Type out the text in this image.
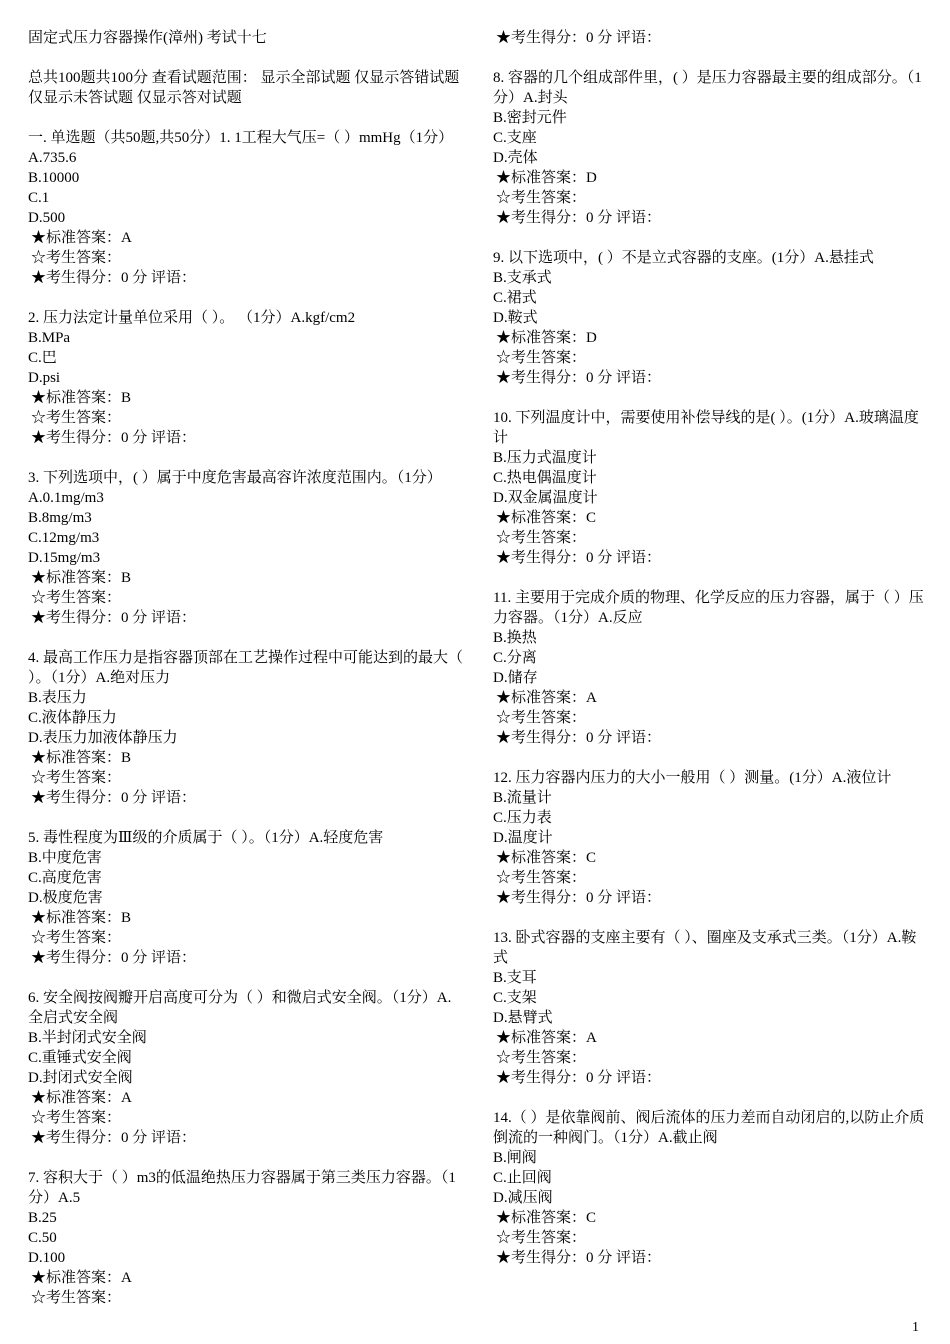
固定式压力容器操作(漳州) 考试十七

总共100题共100分 查看试题范围： 显示全部试题 仅显示答错试题 仅显示未答试题 仅显示答对试题

一. 单选题（共50题,共50分）1. 1工程大气压=（ ）mmHg（1分）A.735.6

B.10000
C.1
D.500
★标准答案：A
☆考生答案：
★考生得分：0 分 评语：
2. 压力法定计量单位采用（ ）。 （1分）A.kgf/cm2
B.MPa
C.巴
D.psi
★标准答案：B
☆考生答案：
★考生得分：0 分 评语：
3. 下列选项中，( ）属于中度危害最高容许浓度范围内。（1分）A.0.1mg/m3
B.8mg/m3
C.12mg/m3
D.15mg/m3
★标准答案：B
☆考生答案：
★考生得分：0 分 评语：
4. 最高工作压力是指容器顶部在工艺操作过程中可能达到的最大（ ）。（1分）A.绝对压力
B.表压力
C.液体静压力
D.表压力加液体静压力
★标准答案：B
☆考生答案：
★考生得分：0 分 评语：
5. 毒性程度为Ⅲ级的介质属于（ ）。（1分）A.轻度危害
B.中度危害
C.高度危害
D.极度危害
★标准答案：B
☆考生答案：
★考生得分：0 分 评语：
6. 安全阀按阀瓣开启高度可分为（ ）和微启式安全阀。（1分）A.全启式安全阀
B.半封闭式安全阀
C.重锤式安全阀
D.封闭式安全阀
★标准答案：A
☆考生答案：
★考生得分：0 分 评语：
7. 容积大于（ ）m3的低温绝热压力容器属于第三类压力容器。（1分）A.5
B.25
C.50
D.100
★标准答案：A
☆考生答案：
★考生得分：0 分 评语：
8. 容器的几个组成部件里，( ）是压力容器最主要的组成部分。（1分）A.封头
B.密封元件
C.支座
D.壳体
★标准答案：D
☆考生答案：
★考生得分：0 分 评语：
9. 以下选项中，( ）不是立式容器的支座。(1分）A.悬挂式
B.支承式
C.裙式
D.鞍式
★标准答案：D
☆考生答案：
★考生得分：0 分 评语：
10. 下列温度计中，需要使用补偿导线的是( ）。(1分）A.玻璃温度计
B.压力式温度计
C.热电偶温度计
D.双金属温度计
★标准答案：C
☆考生答案：
★考生得分：0 分 评语：
11. 主要用于完成介质的物理、化学反应的压力容器，属于（ ）压力容器。（1分）A.反应
B.换热
C.分离
D.储存
★标准答案：A
☆考生答案：
★考生得分：0 分 评语：
12. 压力容器内压力的大小一般用（ ）测量。(1分）A.液位计
B.流量计
C.压力表
D.温度计
★标准答案：C
☆考生答案：
★考生得分：0 分 评语：
13. 卧式容器的支座主要有（ ）、圈座及支承式三类。（1分）A.鞍式
B.支耳
C.支架
D.悬臂式
★标准答案：A
☆考生答案：
★考生得分：0 分 评语：
14.（ ）是依靠阀前、阀后流体的压力差而自动闭启的,以防止介质倒流的一种阀门。（1分）A.截止阀
B.闸阀
C.止回阀
D.减压阀
★标准答案：C
☆考生答案：
★考生得分：0 分 评语：
1
